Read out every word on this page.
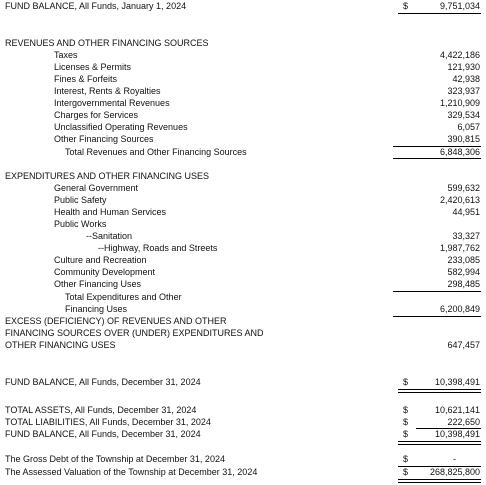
FUND BALANCE, All Funds, January 1, 2024	$	9,751,034
REVENUES AND OTHER FINANCING SOURCES
Taxes	4,422,186
Licenses & Permits	121,930
Fines & Forfeits	42,938
Interest, Rents & Royalties	323,937
Intergovernmental Revenues	1,210,909
Charges for Services	329,534
Unclassified Operating Revenues	6,057
Other Financing Sources	390,815
Total Revenues and Other Financing Sources	6,848,306
EXPENDITURES AND OTHER FINANCING USES
General Government	599,632
Public Safety	2,420,613
Health and Human Services	44,951
Public Works
--Sanitation	33,327
--Highway, Roads and Streets	1,987,762
Culture and Recreation	233,085
Community Development	582,994
Other Financing Uses	298,485
Total Expenditures and Other
Financing Uses	6,200,849
EXCESS (DEFICIENCY) OF REVENUES AND OTHER
FINANCING SOURCES OVER (UNDER) EXPENDITURES AND
OTHER FINANCING USES	647,457
FUND BALANCE, All Funds, December 31, 2024	$	10,398,491
TOTAL ASSETS, All Funds, December 31, 2024	$	10,621,141
TOTAL LIABILITIES, All Funds, December 31, 2024	$	222,650
FUND BALANCE, All Funds, December 31, 2024	$	10,398,491
The Gross Debt of the Township at December 31, 2024	$	-
The Assessed Valuation of the Township at December 31, 2024	$ 268,825,800
